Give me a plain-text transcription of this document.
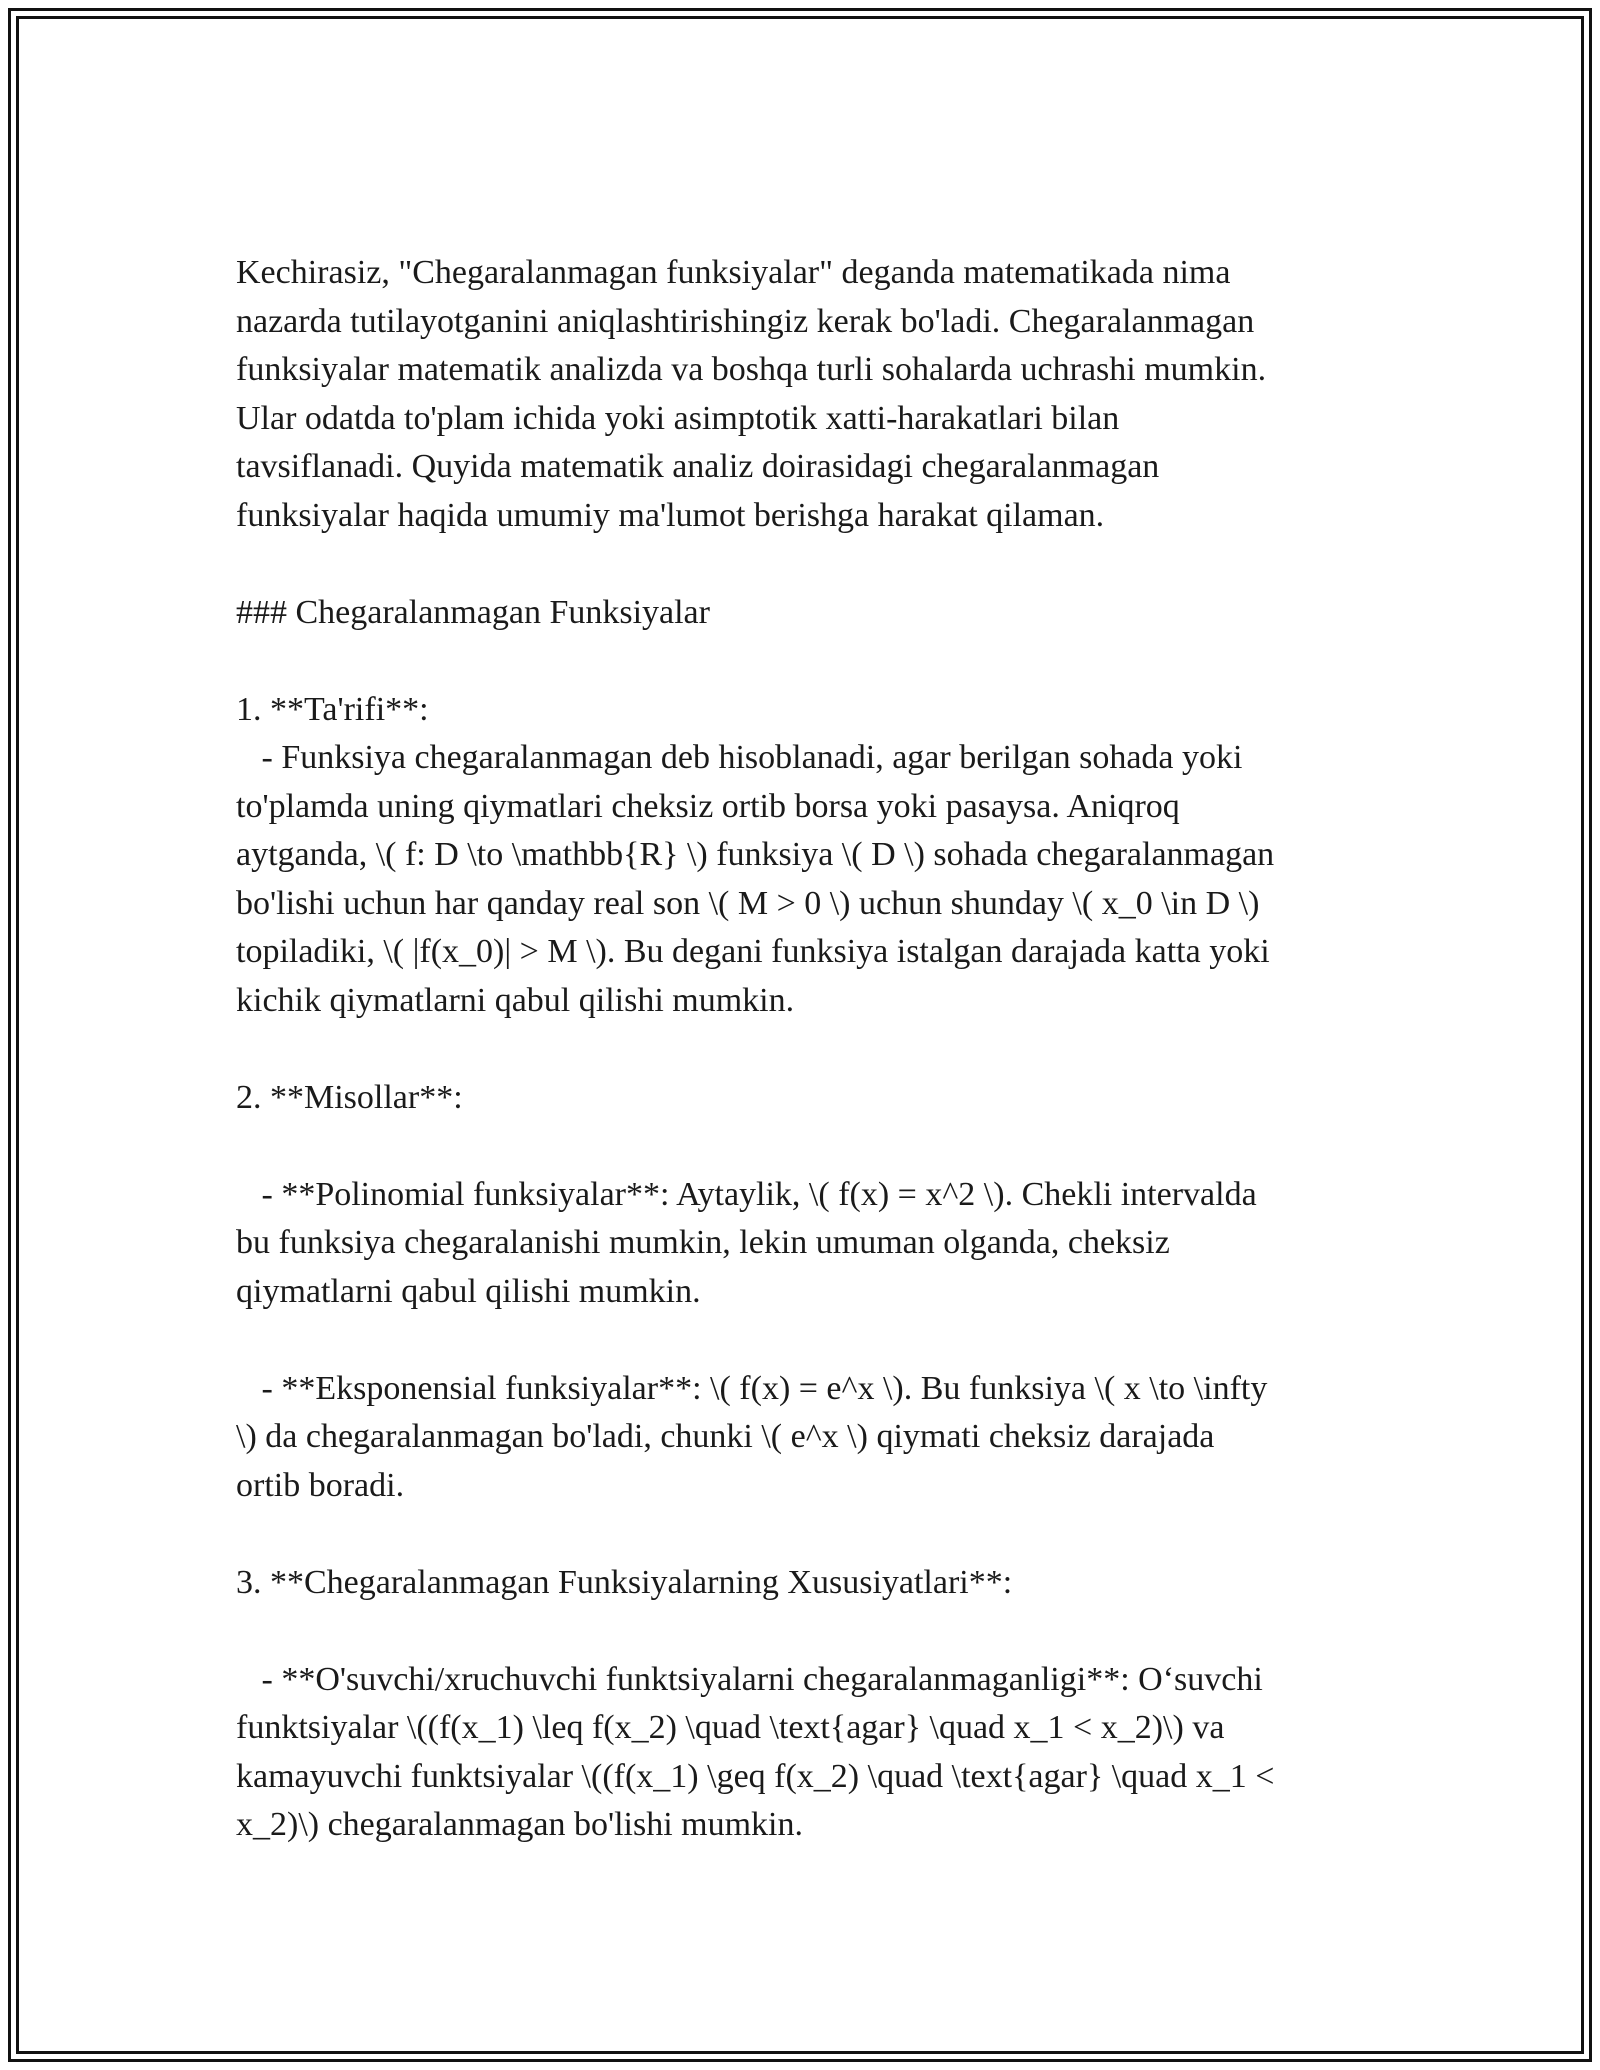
Kechirasiz, "Chegaralanmagan funksiyalar" deganda matematikada nima
nazarda tutilayotganini aniqlashtirishingiz kerak bo'ladi. Chegaralanmagan
funksiyalar matematik analizda va boshqa turli sohalarda uchrashi mumkin.
Ular odatda to'plam ichida yoki asimptotik xatti-harakatlari bilan
tavsiflanadi. Quyida matematik analiz doirasidagi chegaralanmagan
funksiyalar haqida umumiy ma'lumot berishga harakat qilaman.
### Chegaralanmagan Funksiyalar
1. **Ta'rifi**:
- Funksiya chegaralanmagan deb hisoblanadi, agar berilgan sohada yoki
to'plamda uning qiymatlari cheksiz ortib borsa yoki pasaysa. Aniqroq
aytganda, \( f: D \to \mathbb{R} \) funksiya \( D \) sohada chegaralanmagan
bo'lishi uchun har qanday real son \( M > 0 \) uchun shunday \( x_0 \in D \)
topiladiki, \( |f(x_0)| > M \). Bu degani funksiya istalgan darajada katta yoki
kichik qiymatlarni qabul qilishi mumkin.
2. **Misollar**:
- **Polinomial funksiyalar**: Aytaylik, \( f(x) = x^2 \). Chekli intervalda
bu funksiya chegaralanishi mumkin, lekin umuman olganda, cheksiz
qiymatlarni qabul qilishi mumkin.
- **Eksponensial funksiyalar**: \( f(x) = e^x \). Bu funksiya \( x \to \infty
\) da chegaralanmagan bo'ladi, chunki \( e^x \) qiymati cheksiz darajada
ortib boradi.
3. **Chegaralanmagan Funksiyalarning Xususiyatlari**:
- **O'suvchi/xruchuvchi funktsiyalarni chegaralanmaganligi**: O‘suvchi
funktsiyalar \((f(x_1) \leq f(x_2) \quad \text{agar} \quad x_1 < x_2)\) va
kamayuvchi funktsiyalar \((f(x_1) \geq f(x_2) \quad \text{agar} \quad x_1 <
x_2)\) chegaralanmagan bo'lishi mumkin.
